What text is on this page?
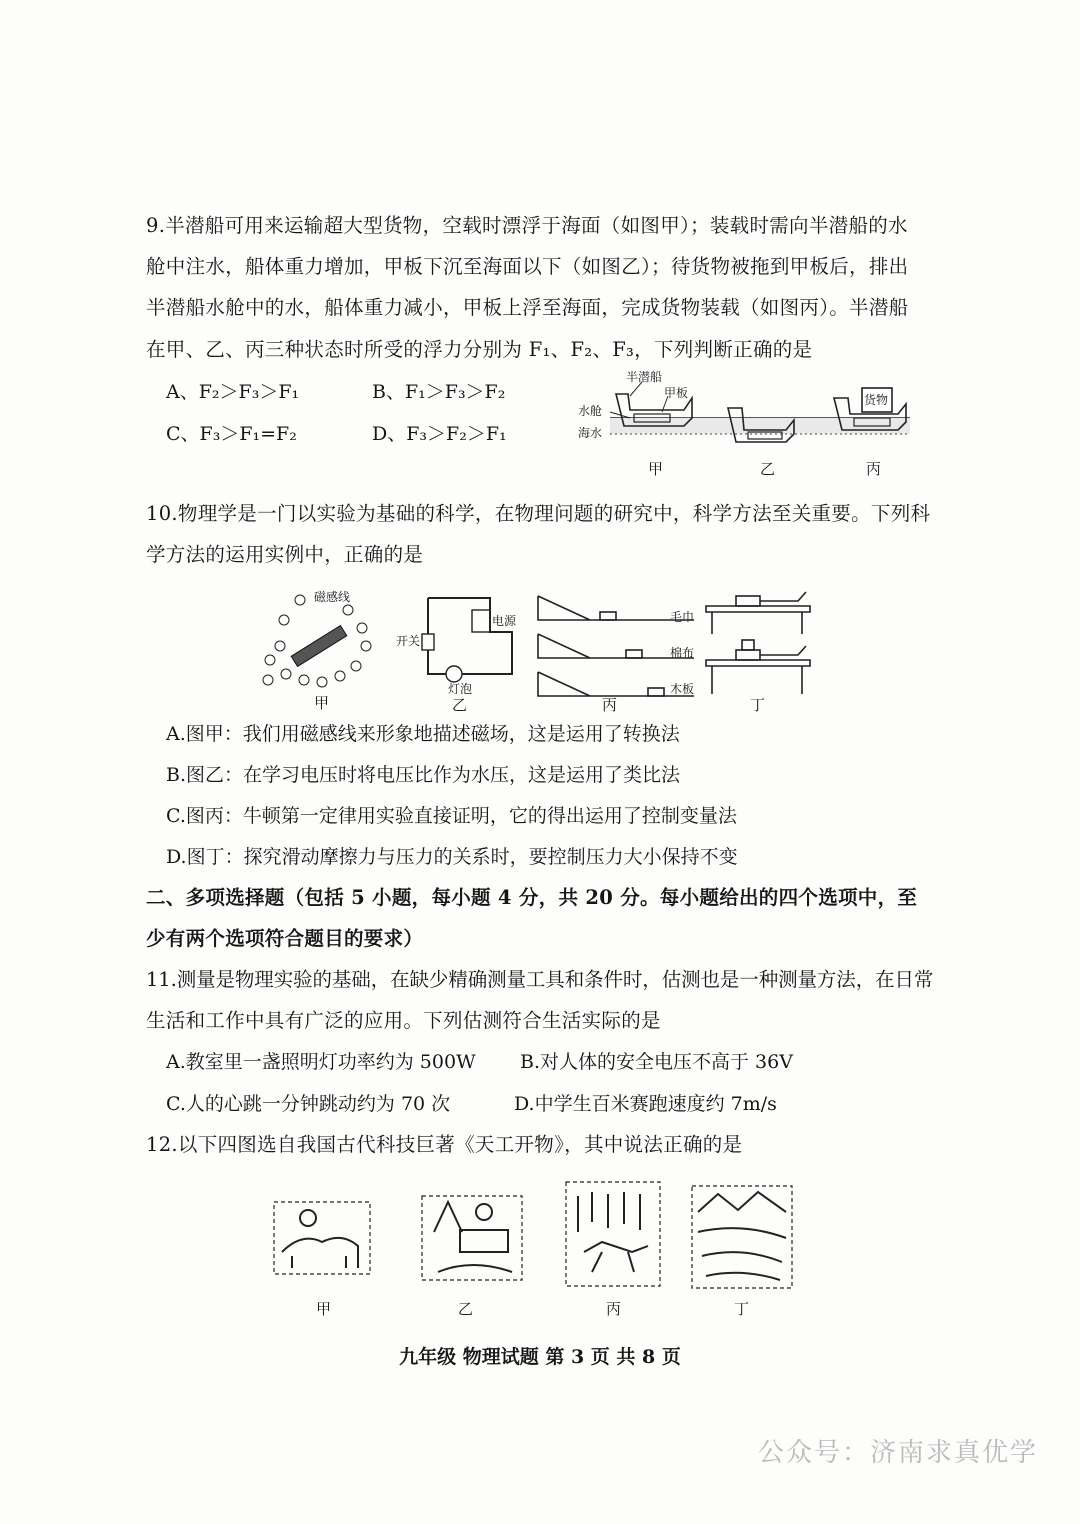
9.半潜船可用来运输超大型货物，空载时漂浮于海面（如图甲）；装载时需向半潜船的水
舱中注水，船体重力增加，甲板下沉至海面以下（如图乙）；待货物被拖到甲板后，排出
半潜船水舱中的水，船体重力减小，甲板上浮至海面，完成货物装载（如图丙）。半潜船
在甲、乙、丙三种状态时所受的浮力分别为 F₁、F₂、F₃，下列判断正确的是
A、F₂＞F₃＞F₁	B、F₁＞F₃＞F₂
C、F₃＞F₁=F₂	D、F₃＞F₂＞F₁
半潜船
甲板
水舱
海水
货物
甲	乙	丙
10.物理学是一门以实验为基础的科学，在物理问题的研究中，科学方法至关重要。下列科
学方法的运用实例中，正确的是
磁感线
开关
电源
灯泡
毛巾
棉布
木板
甲	乙	丙	丁
A.图甲：我们用磁感线来形象地描述磁场，这是运用了转换法
B.图乙：在学习电压时将电压比作为水压，这是运用了类比法
C.图丙：牛顿第一定律用实验直接证明，它的得出运用了控制变量法
D.图丁：探究滑动摩擦力与压力的关系时，要控制压力大小保持不变
二、多项选择题（包括 5 小题，每小题 4 分，共 20 分。每小题给出的四个选项中，至
少有两个选项符合题目的要求）
11.测量是物理实验的基础，在缺少精确测量工具和条件时，估测也是一种测量方法，在日常
生活和工作中具有广泛的应用。下列估测符合生活实际的是
A.教室里一盏照明灯功率约为 500W B.对人体的安全电压不高于 36V
C.人的心跳一分钟跳动约为 70 次	D.中学生百米赛跑速度约 7m/s
12.以下四图选自我国古代科技巨著《天工开物》，其中说法正确的是
甲	乙	丙	丁
九年级 物理试题 第 3 页 共 8 页
公众号：济南求真优学
